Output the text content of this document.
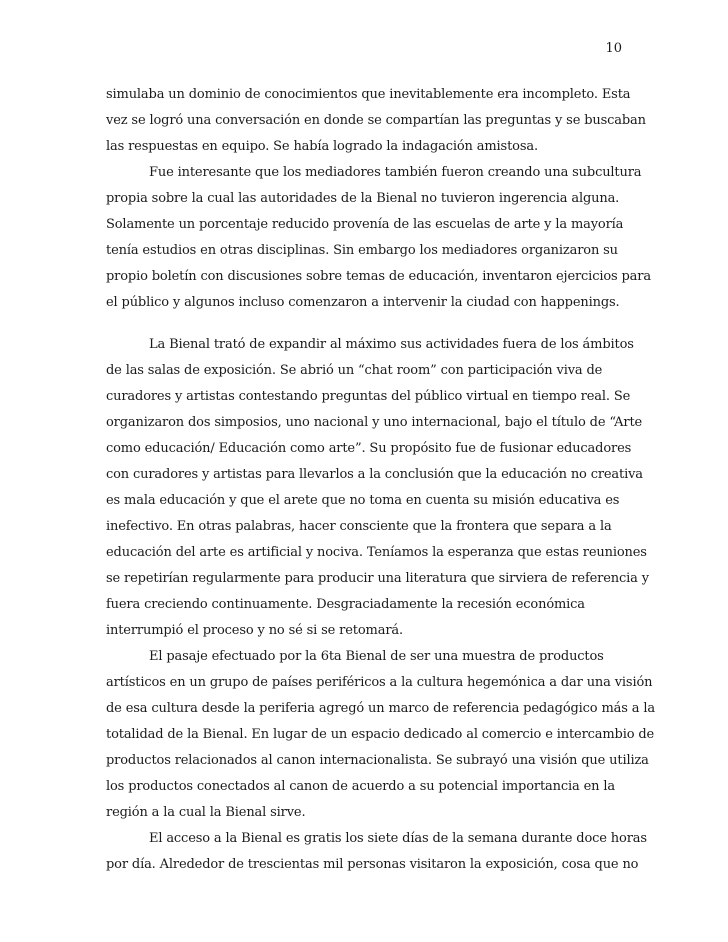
10
simulaba un dominio de conocimientos que inevitablemente era incompleto. Esta
vez se logró una conversación en donde se compartían las preguntas y se buscaban
las respuestas en equipo. Se había logrado la indagación amistosa.
Fue interesante que los mediadores también fueron creando una subcultura
propia sobre la cual las autoridades de la Bienal no tuvieron ingerencia alguna.
Solamente un porcentaje reducido provenía de las escuelas de arte y la mayoría
tenía estudios en otras disciplinas. Sin embargo los mediadores organizaron su
propio boletín con discusiones sobre temas de educación, inventaron ejercicios para
el público y algunos incluso comenzaron a intervenir la ciudad con happenings.
La Bienal trató de expandir al máximo sus actividades fuera de los ámbitos
de las salas de exposición. Se abrió un “chat room” con participación viva de
curadores y artistas contestando preguntas del público virtual en tiempo real. Se
organizaron dos simposios, uno nacional y uno internacional, bajo el título de “Arte
como educación/ Educación como arte”. Su propósito fue de fusionar educadores
con curadores y artistas para llevarlos a la conclusión que la educación no creativa
es mala educación y que el arete que no toma en cuenta su misión educativa es
inefectivo. En otras palabras, hacer consciente que la frontera que separa a la
educación del arte es artificial y nociva. Teníamos la esperanza que estas reuniones
se repetirían regularmente para producir una literatura que sirviera de referencia y
fuera creciendo continuamente. Desgraciadamente la recesión económica
interrumpió el proceso y no sé si se retomará.
El pasaje efectuado por la 6ta Bienal de ser una muestra de productos
artísticos en un grupo de países periféricos a la cultura hegemónica a dar una visión
de esa cultura desde la periferia agregó un marco de referencia pedagógico más a la
totalidad de la Bienal. En lugar de un espacio dedicado al comercio e intercambio de
productos relacionados al canon internacionalista. Se subrayó una visión que utiliza
los productos conectados al canon de acuerdo a su potencial importancia en la
región a la cual la Bienal sirve.
El acceso a la Bienal es gratis los siete días de la semana durante doce horas
por día. Alrededor de trescientas mil personas visitaron la exposición, cosa que no
